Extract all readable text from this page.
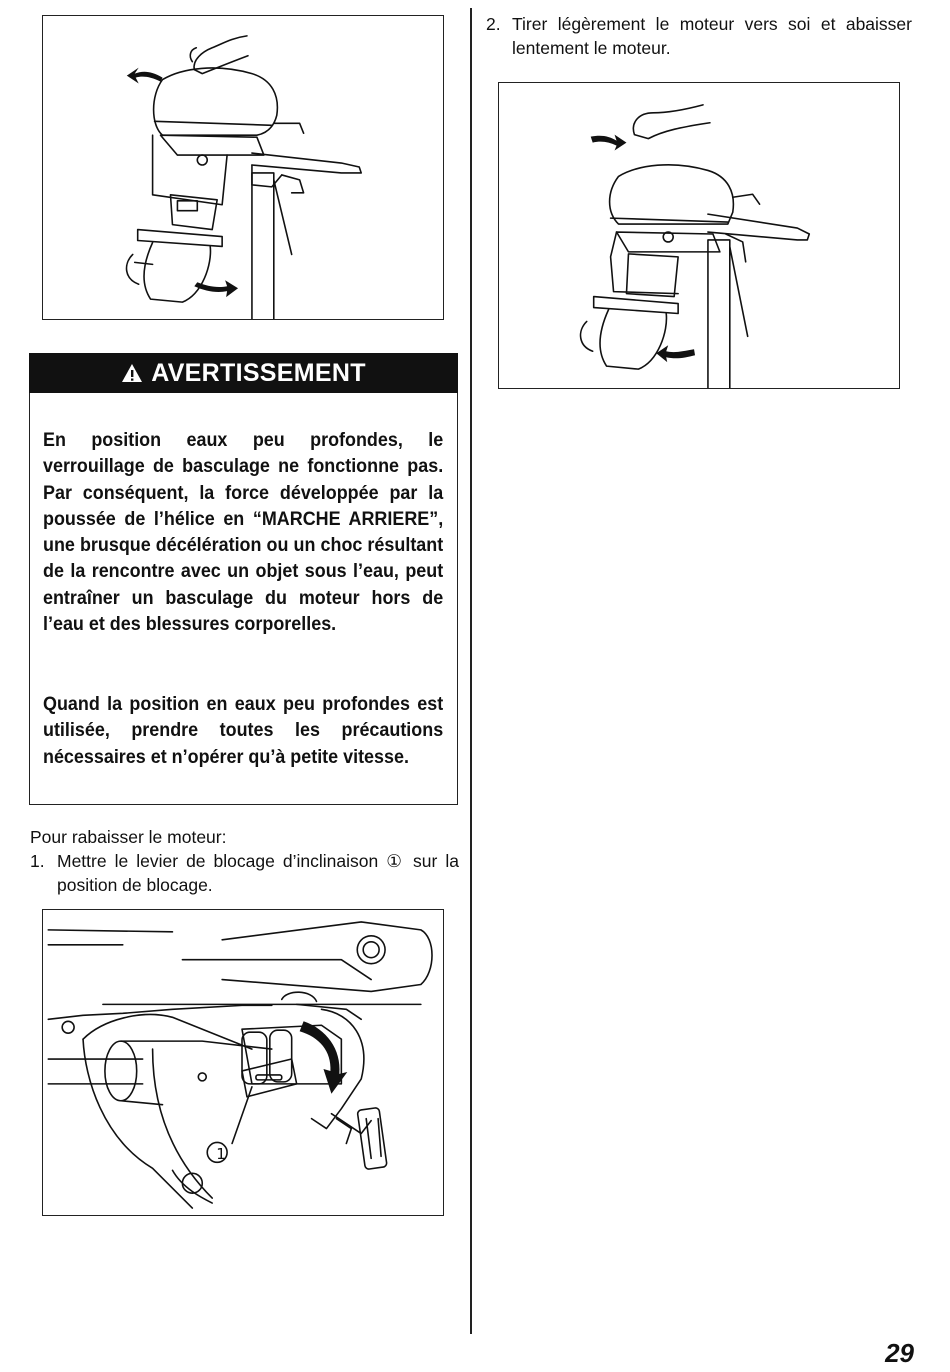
AVERTISSEMENT
En position eaux peu profondes, le verrouillage de basculage ne fonctionne pas. Par conséquent, la force développée par la poussée de l’hélice en “MARCHE ARRIERE”, une brusque décélération ou un choc résultant de la rencontre avec un objet sous l’eau, peut entraîner un basculage du moteur hors de l’eau et des blessures corporelles.
Quand la position en eaux peu profondes est utilisée, prendre toutes les précautions nécessaires et n’opérer qu’à petite vitesse.
Pour rabaisser le moteur:
1. Mettre le levier de blocage d’inclinaison ① sur la position de blocage.
1
2. Tirer légèrement le moteur vers soi et abaisser lentement le moteur.
29
